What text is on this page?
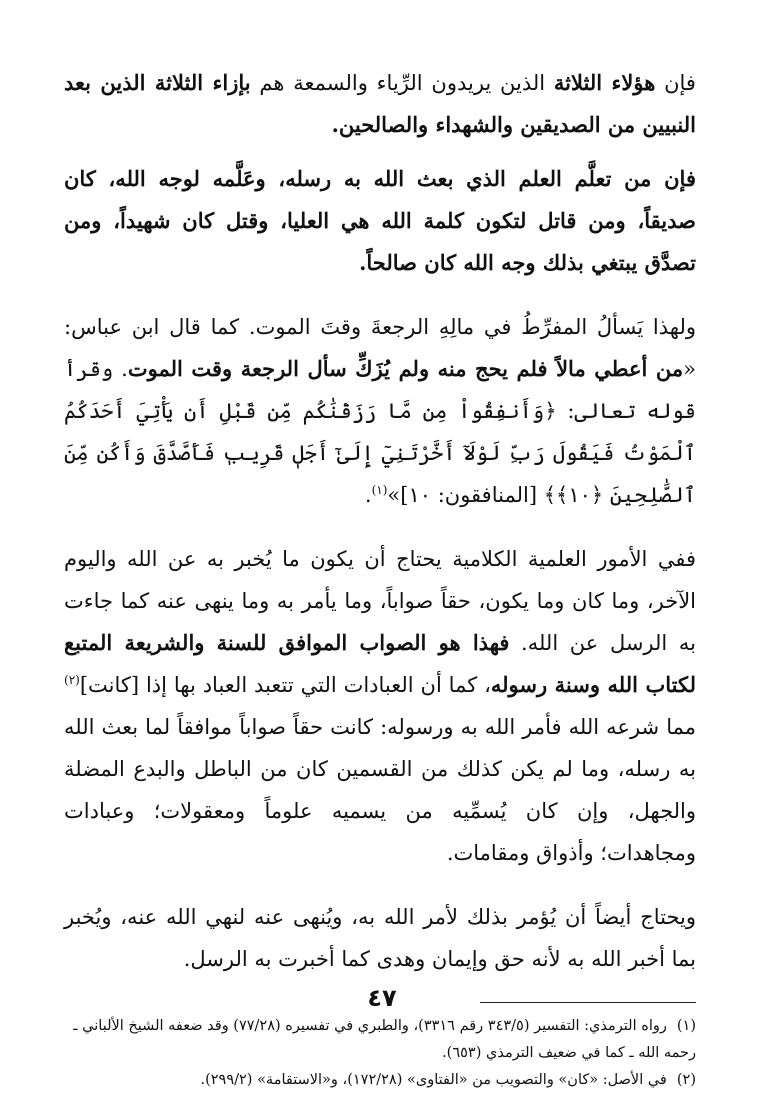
فإن هؤلاء الثلاثة الذين يريدون الرِّياء والسمعة هم بإزاء الثلاثة الذين بعد النبيين من الصديقين والشهداء والصالحين.

فإن من تعلَّم العلم الذي بعث الله به رسله، وعَلَّمه لوجه الله، كان صديقاً، ومن قاتل لتكون كلمة الله هي العليا، وقتل كان شهيداً، ومن تصدَّق يبتغي بذلك وجه الله كان صالحاً.

ولهذا يَسألُ المفرِّطُ في مالِهِ الرجعةَ وقتَ الموت. كما قال ابن عباس: «من أعطي مالاً فلم يحج منه ولم يُزَكِّ سأل الرجعة وقت الموت. وقرأ قوله تعالى: ﴿وَأَنفِقُواْ مِن مَّا رَزَقْنَٰكُم مِّن قَبْلِ أَن يَأْتِيَ أَحَدَكُمُ ٱلْمَوْتُ فَيَقُولَ رَبِّ لَوْلَآ أَخَّرْتَنِيٓ إِلَىٰٓ أَجَلٖ قَرِيبٖ فَأَصَّدَّقَ وَأَكُن مِّنَ ٱلصَّٰلِحِينَ ﴿١٠﴾﴾ [المنافقون: ١٠]»$^{(١)}$.

ففي الأمور العلمية الكلامية يحتاج أن يكون ما يُخبر به عن الله واليوم الآخر، وما كان وما يكون، حقاً صواباً، وما يأمر به وما ينهى عنه كما جاءت به الرسل عن الله. فهذا هو الصواب الموافق للسنة والشريعة المتبع لكتاب الله وسنة رسوله، كما أن العبادات التي تتعبد العباد بها إذا [كانت]$^{(٢)}$ مما شرعه الله فأمر الله به ورسوله: كانت حقاً صواباً موافقاً لما بعث الله به رسله، وما لم يكن كذلك من القسمين كان من الباطل والبدع المضلة والجهل، وإن كان يُسمِّيه من يسميه علوماً ومعقولات؛ وعبادات ومجاهدات؛ وأذواق ومقامات.

ويحتاج أيضاً أن يُؤمر بذلك لأمر الله به، ويُنهى عنه لنهي الله عنه، ويُخبر بما أخبر الله به لأنه حق وإيمان وهدى كما أخبرت به الرسل.

(١)رواه الترمذي: التفسير (٣٤٣/٥ رقم ٣٣١٦)، والطبري في تفسيره (٧٧/٢٨) وقد ضعفه الشيخ الألباني ـ رحمه الله ـ كما في ضعيف الترمذي (٦٥٣).

(٢)في الأصل: «كان» والتصويب من «الفتاوى» (١٧٢/٢٨)، و«الاستقامة» (٢٩٩/٢).

٤٧
